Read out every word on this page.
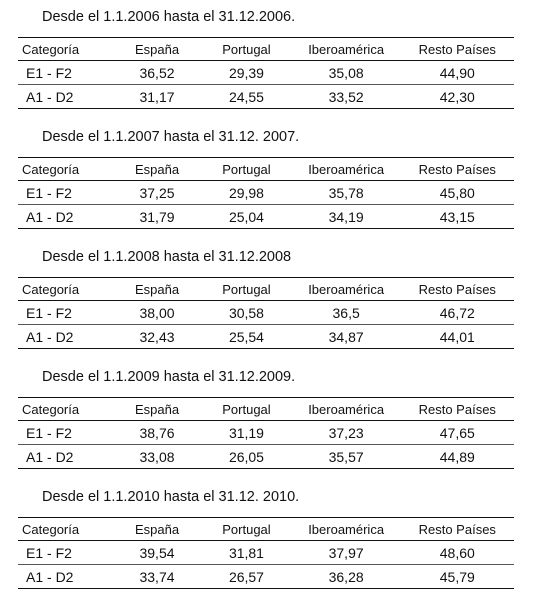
Desde el 1.1.2006 hasta el 31.12.2006.
Categoría	España	Portugal	Iberoamérica	Resto Países
E1 - F2	36,52	29,39	35,08	44,90
A1 - D2	31,17	24,55	33,52	42,30
Desde el 1.1.2007 hasta el 31.12. 2007.
Categoría	España	Portugal	Iberoamérica	Resto Países
E1 - F2	37,25	29,98	35,78	45,80
A1 - D2	31,79	25,04	34,19	43,15
Desde el 1.1.2008 hasta el 31.12.2008
Categoría	España	Portugal	Iberoamérica	Resto Países
E1 - F2	38,00	30,58	36,5	46,72
A1 - D2	32,43	25,54	34,87	44,01
Desde el 1.1.2009 hasta el 31.12.2009.
Categoría	España	Portugal	Iberoamérica	Resto Países
E1 - F2	38,76	31,19	37,23	47,65
A1 - D2	33,08	26,05	35,57	44,89
Desde el 1.1.2010 hasta el 31.12. 2010.
Categoría	España	Portugal	Iberoamérica	Resto Países
E1 - F2	39,54	31,81	37,97	48,60
A1 - D2	33,74	26,57	36,28	45,79
